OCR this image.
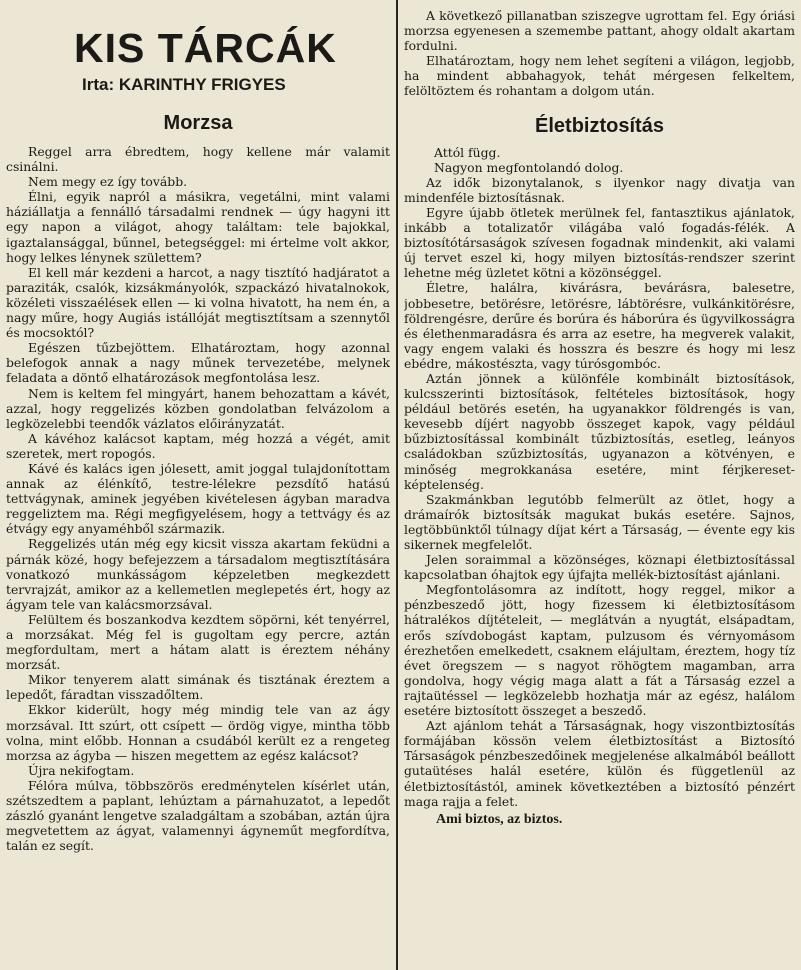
KIS TÁRCÁK
Irta: KARINTHY FRIGYES
Morzsa

Reggel arra ébredtem, hogy kellene már valamit csinálni.

Nem megy ez így tovább.

Élni, egyik napról a másikra, vegetálni, mint valami háziállatja a fennálló társadalmi rendnek — úgy hagyni itt egy napon a világot, ahogy találtam: tele bajokkal, igaztalansággal, bűnnel, betegséggel: mi értelme volt akkor, hogy lelkes lénynek születtem?

El kell már kezdeni a harcot, a nagy tisztító hadjáratot a paraziták, csalók, kizsákmányolók, szpackázó hivatalnokok, közéleti visszaélések ellen — ki volna hivatott, ha nem én, a nagy műre, hogy Augiás istállóját megtisztítsam a szennytől és mocsoktól?

Egészen tűzbejöttem. Elhatároztam, hogy azonnal belefogok annak a nagy műnek tervezetébe, melynek feladata a döntő elhatározások megfontolása lesz.

Nem is keltem fel mingyárt, hanem behozattam a kávét, azzal, hogy reggelizés közben gondolatban felvázolom a legközelebbi teendők vázlatos előirányzatát.

A kávéhoz kalácsot kaptam, még hozzá a végét, amit szeretek, mert ropogós.

Kávé és kalács igen jólesett, amit joggal tulajdonítottam annak az élénkítő, testre-lélekre pezsdítő hatású tettvágynak, aminek jegyében kivételesen ágyban maradva reggeliztem ma. Régi megfigyelésem, hogy a tettvágy és az étvágy egy anyaméhből származik.

Reggelizés után még egy kicsit vissza akartam feküdni a párnák közé, hogy befejezzem a társadalom megtisztítására vonatkozó munkásságom képzeletben megkezdett tervrajzát, amikor az a kellemetlen meglepetés ért, hogy az ágyam tele van kalácsmorzsával.

Felültem és boszankodva kezdtem söpörni, két tenyérrel, a morzsákat. Még fel is gugoltam egy percre, aztán megfordultam, mert a hátam alatt is éreztem néhány morzsát.

Mikor tenyerem alatt simának és tisztának éreztem a lepedőt, fáradtan visszadőltem.

Ekkor kiderült, hogy még mindig tele van az ágy morzsával. Itt szúrt, ott csípett — ördög vigye, mintha több volna, mint előbb. Honnan a csudából került ez a rengeteg morzsa az ágyba — hiszen megettem az egész kalácsot?

Újra nekifogtam.

Félóra múlva, többszörös eredménytelen kísérlet után, szétszedtem a paplant, lehúztam a párnahuzatot, a lepedőt zászló gyanánt lengetve szaladgáltam a szobában, aztán újra megvetettem az ágyat, valamennyi ágyneműt megfordítva, talán ez segít.

A következő pillanatban sziszegve ugrottam fel. Egy óriási morzsa egyenesen a szemembe pattant, ahogy oldalt akartam fordulni.

Elhatároztam, hogy nem lehet segíteni a világon, legjobb, ha mindent abbahagyok, tehát mérgesen felkeltem, felöltöztem és rohantam a dolgom után.

Életbiztosítás

Attól függ.

Nagyon megfontolandó dolog.

Az idők bizonytalanok, s ilyenkor nagy divatja van mindenféle biztosításnak.

Egyre újabb ötletek merülnek fel, fantasztikus ajánlatok, inkább a totalizatőr világába való fogadás-félék. A biztosítótársaságok szívesen fogadnak mindenkit, aki valami új tervet eszel ki, hogy milyen biztosítás-rendszer szerint lehetne még üzletet kötni a közönséggel.

Életre, halálra, kivárásra, bevárásra, balesetre, jobbesetre, betörésre, letörésre, lábtörésre, vulkánkitörésre, földrengésre, derűre és borúra és háborúra és ügyvilkosságra és élethenmaradásra és arra az esetre, ha megverek valakit, vagy engem valaki és hosszra és beszre és hogy mi lesz ebédre, mákostészta, vagy túrósgombóc.

Aztán jönnek a különféle kombinált biztosítások, kulcsszerinti biztosítások, feltételes biztosítások, hogy például betörés esetén, ha ugyanakkor földrengés is van, kevesebb díjért nagyobb összeget kapok, vagy például bűzbiztosítással kombinált tűzbiztosítás, esetleg, leányos családokban szűzbiztosítás, ugyanazon a kötvényen, e minőség megrokkanása esetére, mint férjkereset-képtelenség.

Szakmánkban legutóbb felmerült az ötlet, hogy a drámaírók biztosítsák magukat bukás esetére. Sajnos, legtöbbünktől túlnagy díjat kért a Társaság, — évente egy kis sikernek megfelelőt.

Jelen soraimmal a közönséges, köznapi életbiztosítással kapcsolatban óhajtok egy újfajta mellék-biztosítást ajánlani.

Megfontolásomra az indított, hogy reggel, mikor a pénzbeszedő jött, hogy fizessem ki életbiztosításom hátralékos díjtételeit, — meglátván a nyugtát, elsápadtam, erős szívdobogást kaptam, pulzusom és vérnyomásom érezhetően emelkedett, csaknem elájultam, éreztem, hogy tíz évet öregszem — s nagyot röhögtem magamban, arra gondolva, hogy végig maga alatt a fát a Társaság ezzel a rajtaütéssel — legközelebb hozhatja már az egész, halálom esetére biztosított összeget a beszedő.

Azt ajánlom tehát a Társaságnak, hogy viszontbiztosítás formájában kössön velem életbiztosítást a Biztosító Társaságok pénzbeszedőinek megjelenése alkalmából beállott gutaütéses halál esetére, külön és függetlenül az életbiztosítástól, aminek következtében a biztosító pénzért maga rajja a felet.

Ami biztos, az biztos.
